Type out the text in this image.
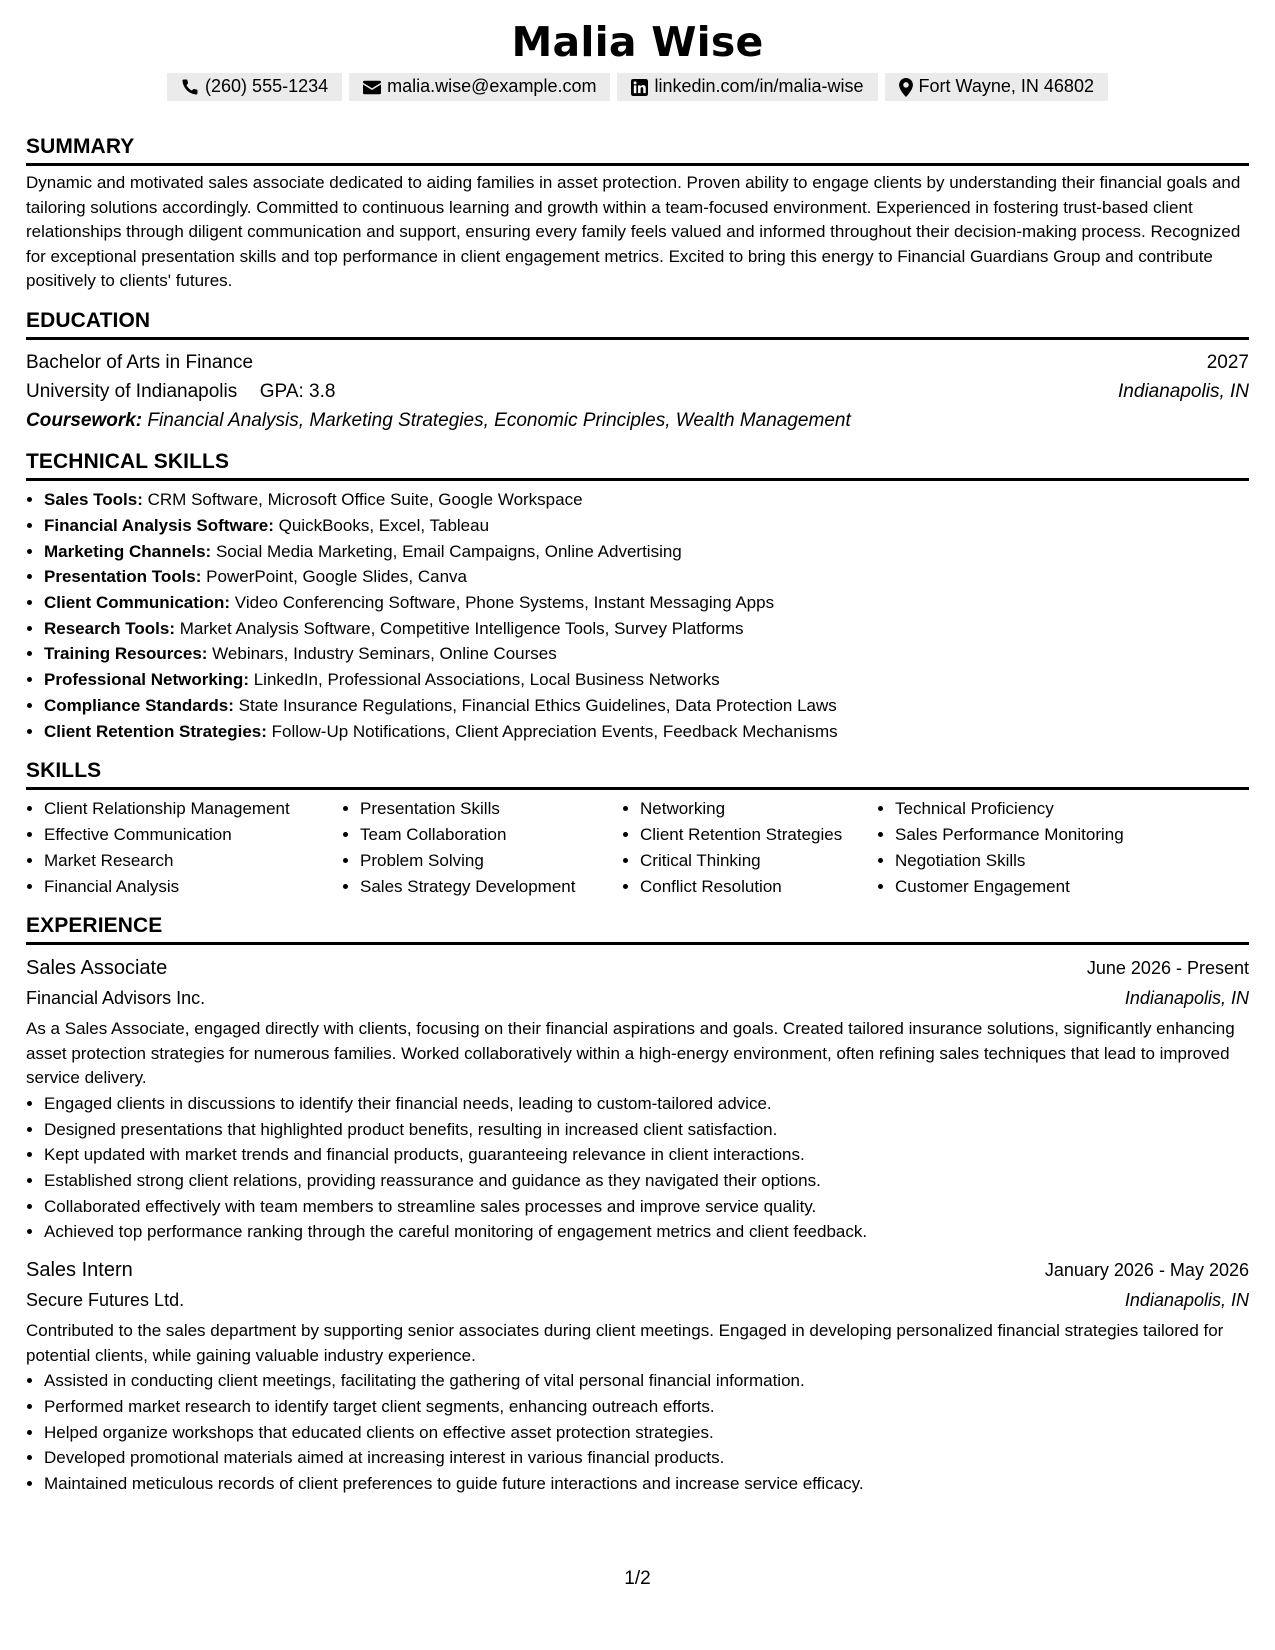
Malia Wise
(260) 555-1234	malia.wise@example.com	linkedin.com/in/malia-wise	Fort Wayne, IN 46802
SUMMARY

Dynamic and motivated sales associate dedicated to aiding families in asset protection. Proven ability to engage clients by understanding their financial goals and tailoring solutions accordingly. Committed to continuous learning and growth within a team-focused environment. Experienced in fostering trust-based client relationships through diligent communication and support, ensuring every family feels valued and informed throughout their decision-making process. Recognized for exceptional presentation skills and top performance in client engagement metrics. Excited to bring this energy to Financial Guardians Group and contribute positively to clients' futures.

EDUCATION
Bachelor of Arts in Finance	2027
University of Indianapolis GPA: 3.8	Indianapolis, IN
Coursework: Financial Analysis, Marketing Strategies, Economic Principles, Wealth Management
TECHNICAL SKILLS
• Sales Tools: CRM Software, Microsoft Office Suite, Google Workspace
• Financial Analysis Software: QuickBooks, Excel, Tableau
• Marketing Channels: Social Media Marketing, Email Campaigns, Online Advertising
• Presentation Tools: PowerPoint, Google Slides, Canva
• Client Communication: Video Conferencing Software, Phone Systems, Instant Messaging Apps
• Research Tools: Market Analysis Software, Competitive Intelligence Tools, Survey Platforms
• Training Resources: Webinars, Industry Seminars, Online Courses
• Professional Networking: LinkedIn, Professional Associations, Local Business Networks
• Compliance Standards: State Insurance Regulations, Financial Ethics Guidelines, Data Protection Laws
• Client Retention Strategies: Follow-Up Notifications, Client Appreciation Events, Feedback Mechanisms
SKILLS
• Client Relationship Management
• Effective Communication
• Market Research
• Financial Analysis
• Presentation Skills
• Team Collaboration
• Problem Solving
• Sales Strategy Development
• Networking
• Client Retention Strategies
• Critical Thinking
• Conflict Resolution
• Technical Proficiency
• Sales Performance Monitoring
• Negotiation Skills
• Customer Engagement
EXPERIENCE
Sales Associate	June 2026 - Present
Financial Advisors Inc.	Indianapolis, IN

As a Sales Associate, engaged directly with clients, focusing on their financial aspirations and goals. Created tailored insurance solutions, significantly enhancing asset protection strategies for numerous families. Worked collaboratively within a high-energy environment, often refining sales techniques that lead to improved service delivery.

• Engaged clients in discussions to identify their financial needs, leading to custom-tailored advice.
• Designed presentations that highlighted product benefits, resulting in increased client satisfaction.
• Kept updated with market trends and financial products, guaranteeing relevance in client interactions.
• Established strong client relations, providing reassurance and guidance as they navigated their options.
• Collaborated effectively with team members to streamline sales processes and improve service quality.
• Achieved top performance ranking through the careful monitoring of engagement metrics and client feedback.
Sales Intern	January 2026 - May 2026
Secure Futures Ltd.	Indianapolis, IN

Contributed to the sales department by supporting senior associates during client meetings. Engaged in developing personalized financial strategies tailored for potential clients, while gaining valuable industry experience.

• Assisted in conducting client meetings, facilitating the gathering of vital personal financial information.
• Performed market research to identify target client segments, enhancing outreach efforts.
• Helped organize workshops that educated clients on effective asset protection strategies.
• Developed promotional materials aimed at increasing interest in various financial products.
• Maintained meticulous records of client preferences to guide future interactions and increase service efficacy.
1/2
